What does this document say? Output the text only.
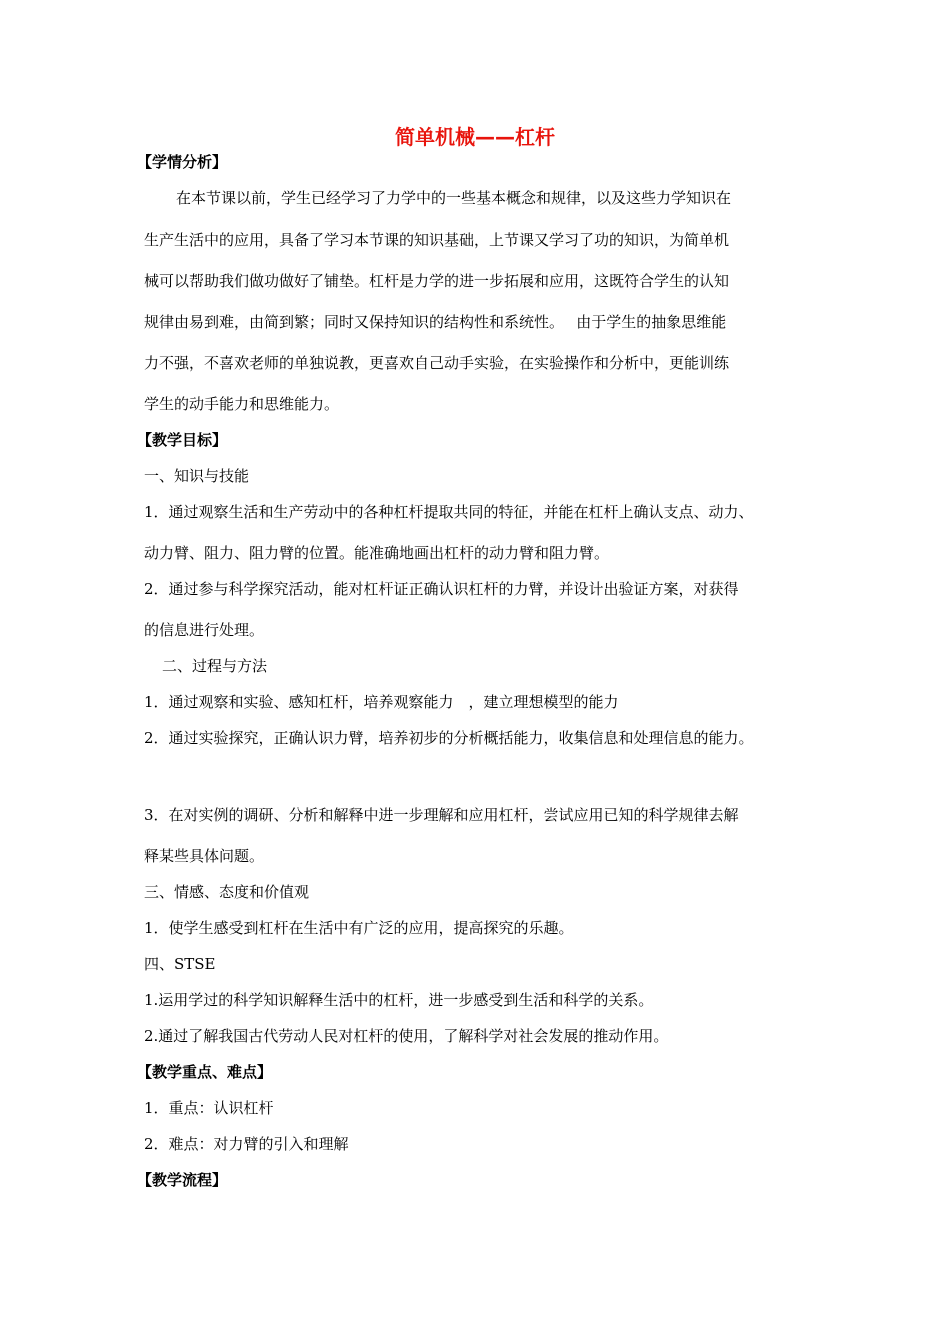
简单机械——杠杆
【学情分析】
在本节课以前，学生已经学习了力学中的一些基本概念和规律，以及这些力学知识在
生产生活中的应用，具备了学习本节课的知识基础，上节课又学习了功的知识，为简单机
械可以帮助我们做功做好了铺垫。杠杆是力学的进一步拓展和应用，这既符合学生的认知
规律由易到难，由简到繁；同时又保持知识的结构性和系统性。　 由于学生的抽象思维能
力不强，不喜欢老师的单独说教，更喜欢自己动手实验，在实验操作和分析中，更能训练
学生的动手能力和思维能力。
【教学目标】
一、知识与技能
1．通过观察生活和生产劳动中的各种杠杆提取共同的特征，并能在杠杆上确认支点、动力、
动力臂、阻力、阻力臂的位置。能准确地画出杠杆的动力臂和阻力臂。
2．通过参与科学探究活动，能对杠杆证正确认识杠杆的力臂，并设计出验证方案，对获得
的信息进行处理。
二、过程与方法
1．通过观察和实验、感知杠杆，培养观察能力　，建立理想模型的能力
2．通过实验探究，正确认识力臂，培养初步的分析概括能力，收集信息和处理信息的能力。
3．在对实例的调研、分析和解释中进一步理解和应用杠杆，尝试应用已知的科学规律去解
释某些具体问题。
三、情感、态度和价值观
1．使学生感受到杠杆在生活中有广泛的应用，提高探究的乐趣。
四、STSE
1.运用学过的科学知识解释生活中的杠杆，进一步感受到生活和科学的关系。
2.通过了解我国古代劳动人民对杠杆的使用，了解科学对社会发展的推动作用。
【教学重点、难点】
1．重点：认识杠杆
2．难点：对力臂的引入和理解
【教学流程】
